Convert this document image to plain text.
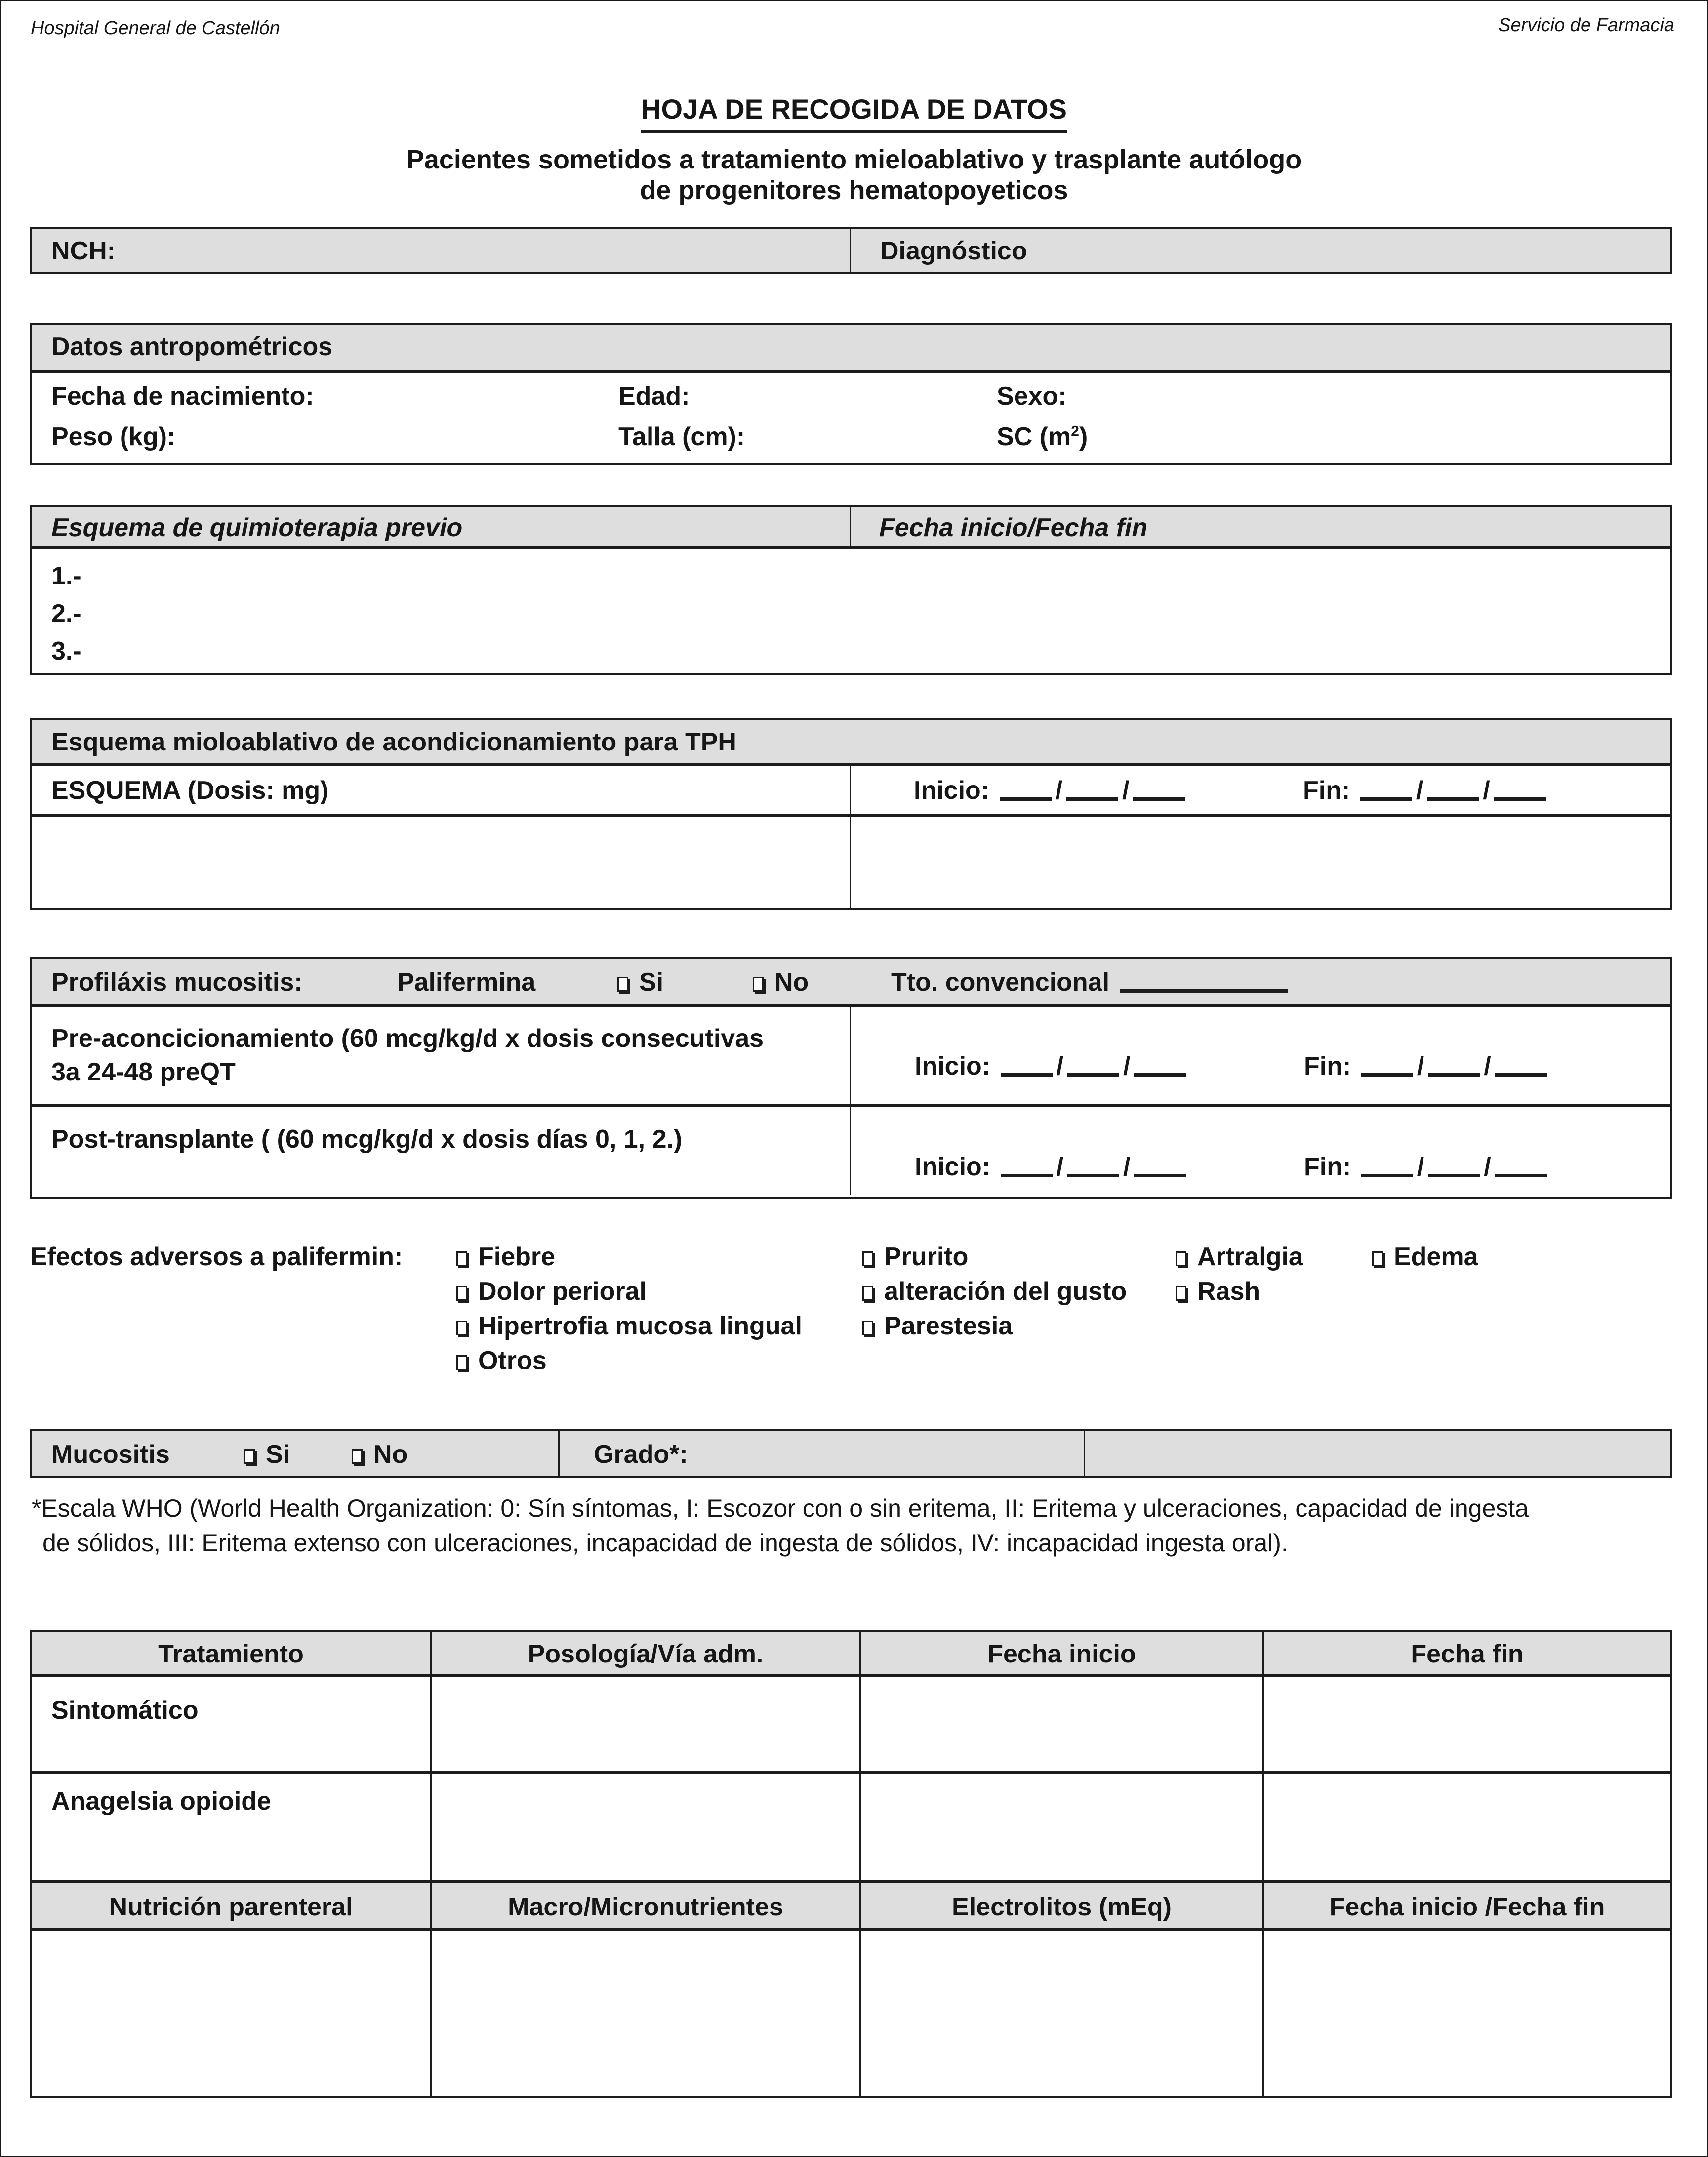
Hospital General de Castellón	Servicio de Farmacia
HOJA DE RECOGIDA DE DATOS
Pacientes sometidos a tratamiento mieloablativo y trasplante autólogo
de progenitores hematopoyeticos
NCH:	Diagnóstico
Datos antropométricos
Fecha de nacimiento:	Edad:	Sexo:
Peso (kg):	Talla (cm):	SC $(m^2)$
Esquema de quimioterapia previo	Fecha inicio/Fecha fin
1.-
2.-
3.-
Esquema mioloablativo de acondicionamiento para TPH
ESQUEMA (Dosis: mg)	Inicio:	/ /	Fin:	/ /
Profiláxis mucositis:	Palifermina	Si	No	Tto. convencional
Pre-aconcicionamiento (60 mcg/kg/d x dosis consecutivas
3a 24-48 preQT	Inicio:	/ /	Fin:	/ /
Post-transplante ( (60 mcg/kg/d x dosis días 0, 1, 2.)
Inicio:	/ /	Fin:	/ /
Efectos adversos a palifermin:	Fiebre
Dolor perioral
Hipertrofia mucosa lingual
Otros
Prurito
alteración del gusto
Parestesia
Artralgia
Rash
Edema
Mucositis	Si	No	Grado*:
*Escala WHO (World Health Organization: 0: Sín síntomas, I: Escozor con o sin eritema, II: Eritema y ulceraciones, capacidad de ingesta
de sólidos, III: Eritema extenso con ulceraciones, incapacidad de ingesta de sólidos, IV: incapacidad ingesta oral).
Tratamiento	Posología/Vía adm.	Fecha inicio	Fecha fin
Sintomático
Anagelsia opioide
Nutrición parenteral	Macro/Micronutrientes	Electrolitos (mEq)	Fecha inicio /Fecha fin
